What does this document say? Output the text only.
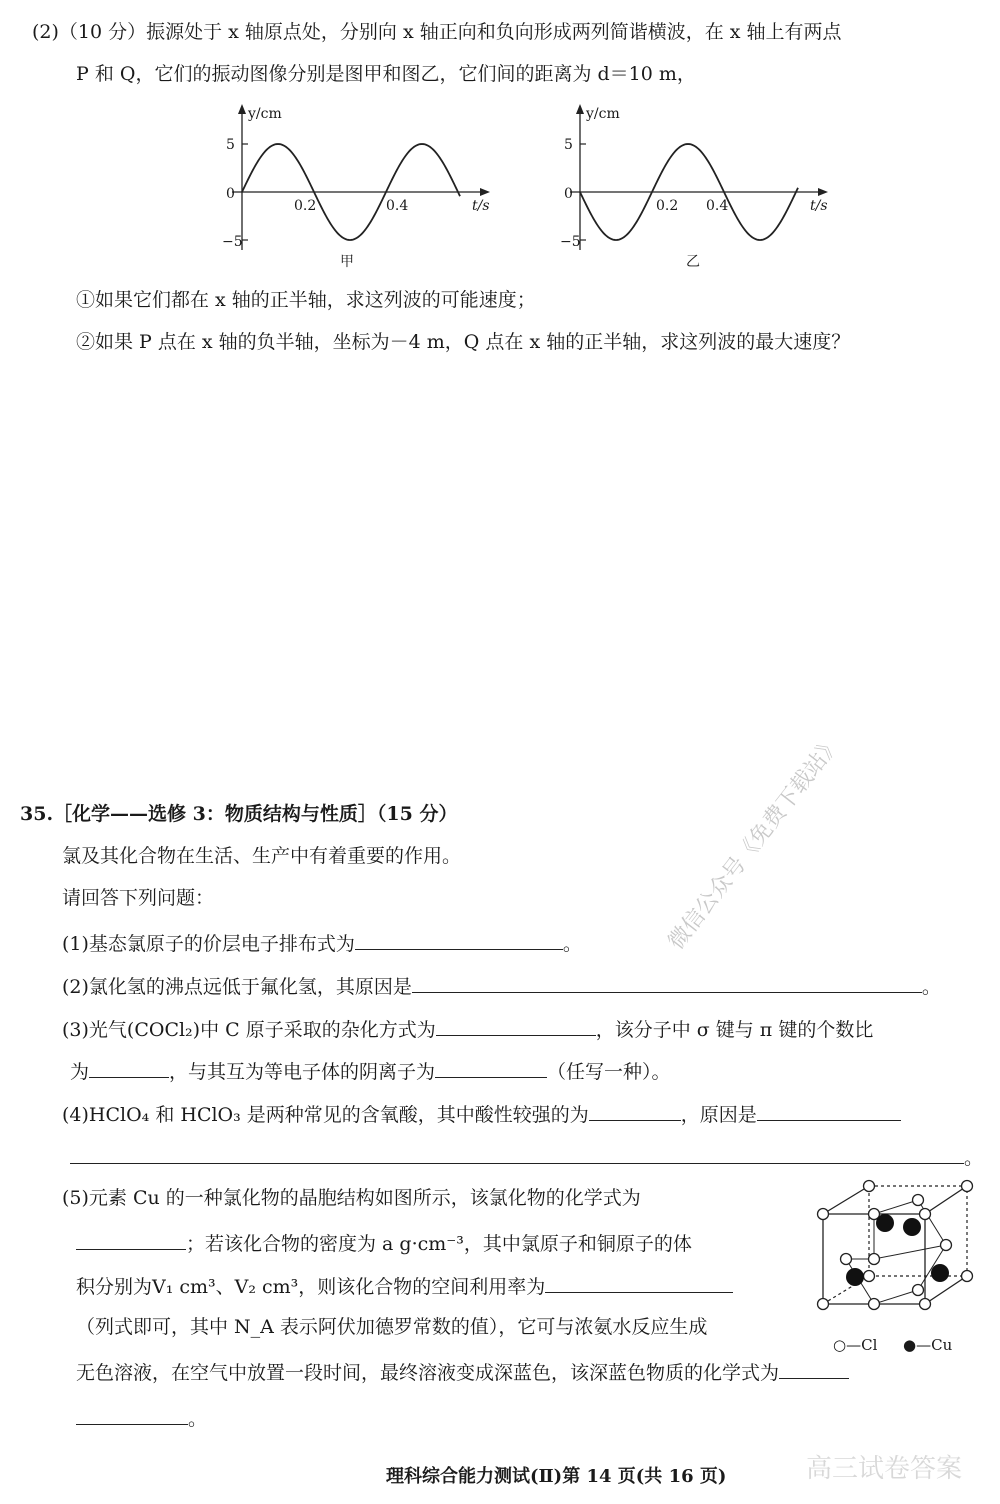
(2)（10 分）振源处于 x 轴原点处，分别向 x 轴正向和负向形成两列简谐横波，在 x 轴上有两点
P 和 Q，它们的振动图像分别是图甲和图乙，它们间的距离为 d＝10 m，
y/cm
5
0
−5
0.2	0.4	t/s
甲
y/cm
5
0
−5
0.2 0.4	t/s
乙
①如果它们都在 x 轴的正半轴，求这列波的可能速度；
②如果 P 点在 x 轴的负半轴，坐标为－4 m，Q 点在 x 轴的正半轴，求这列波的最大速度？
微信公众号《免费下载站》
35.［化学——选修 3：物质结构与性质］（15 分）
氯及其化合物在生活、生产中有着重要的作用。
请回答下列问题：
(1)基态氯原子的价层电子排布式为	。
(2)氯化氢的沸点远低于氟化氢，其原因是	。
(3)光气(COCl₂)中 C 原子采取的杂化方式为	，该分子中 σ 键与 π 键的个数比
为	，与其互为等电子体的阴离子为	（任写一种）。
(4)HClO₄ 和 HClO₃ 是两种常见的含氧酸，其中酸性较强的为	，原因是
。
(5)元素 Cu 的一种氯化物的晶胞结构如图所示，该氯化物的化学式为
；若该化合物的密度为 a g·cm⁻³，其中氯原子和铜原子的体
积分别为V₁ cm³、V₂ cm³，则该化合物的空间利用率为
（列式即可，其中 N_A 表示阿伏加德罗常数的值），它可与浓氨水反应生成
无色溶液，在空气中放置一段时间，最终溶液变成深蓝色，该深蓝色物质的化学式为
。
○—Cl ●—Cu
理科综合能力测试(Ⅱ)第 14 页(共 16 页)	高三试卷答案
